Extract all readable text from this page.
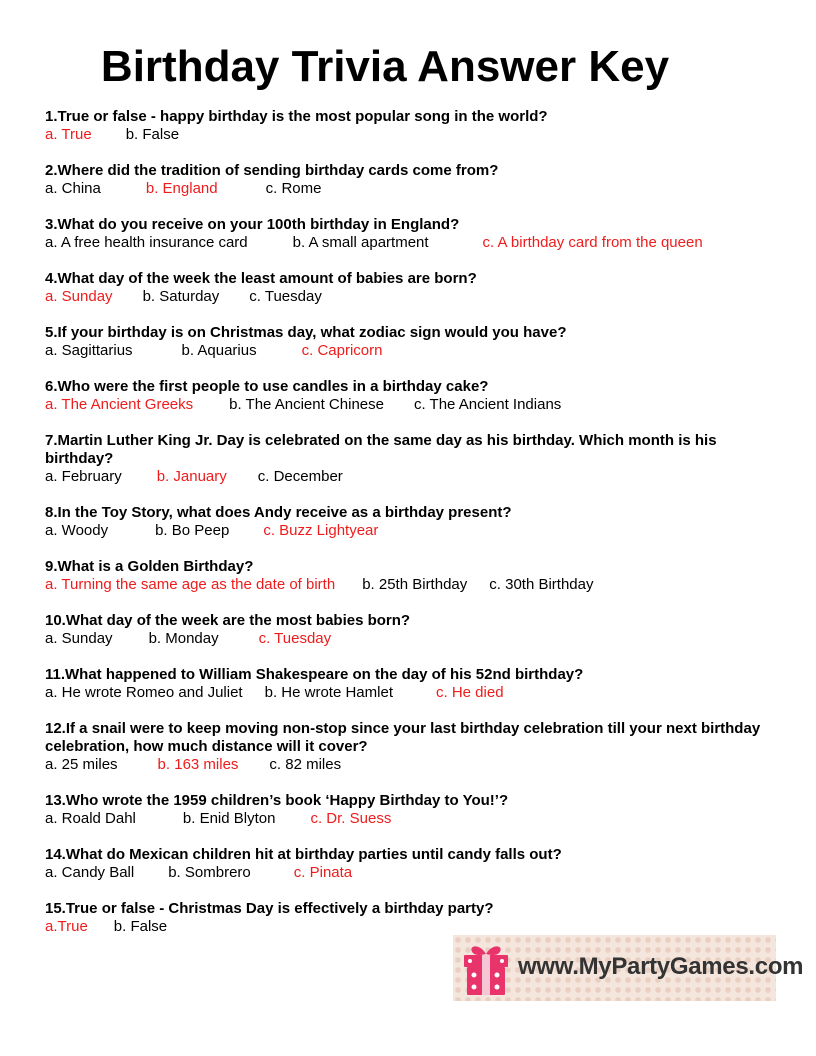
Birthday Trivia Answer Key
1.True or false - happy birthday is the most popular song in the world?
a. True b. False
2.Where did the tradition of sending birthday cards come from?
a. China	b. England	c. Rome
3.What do you receive on your 100th birthday in England?
a. A free health insurance card	b. A small apartment	c. A birthday card from the queen
4.What day of the week the least amount of babies are born?
a. Sunday b. Saturday c. Tuesday
5.If your birthday is on Christmas day, what zodiac sign would you have?
a. Sagittarius	b. Aquarius	c. Capricorn
6.Who were the first people to use candles in a birthday cake?
a. The Ancient Greeks b. The Ancient Chinese c. The Ancient Indians
7.Martin Luther King Jr. Day is celebrated on the same day as his birthday. Which month is his birthday?
a. February b. January c. December
8.In the Toy Story, what does Andy receive as a birthday present?
a. Woody	b. Bo Peep c. Buzz Lightyear
9.What is a Golden Birthday?
a. Turning the same age as the date of birth b. 25th Birthday c. 30th Birthday
10.What day of the week are the most babies born?
a. Sunday b. Monday	c. Tuesday
11.What happened to William Shakespeare on the day of his 52nd birthday?
a. He wrote Romeo and Juliet b. He wrote Hamlet	c. He died
12.If a snail were to keep moving non-stop since your last birthday celebration till your next birthday celebration, how much distance will it cover?
a. 25 miles	b. 163 miles c. 82 miles
13.Who wrote the 1959 children’s book ‘Happy Birthday to You!’?
a. Roald Dahl	b. Enid Blyton c. Dr. Suess
14.What do Mexican children hit at birthday parties until candy falls out?
a. Candy Ball b. Sombrero	c. Pinata
15.True or false - Christmas Day is effectively a birthday party?
a.True b. False
www.MyPartyGames.com
